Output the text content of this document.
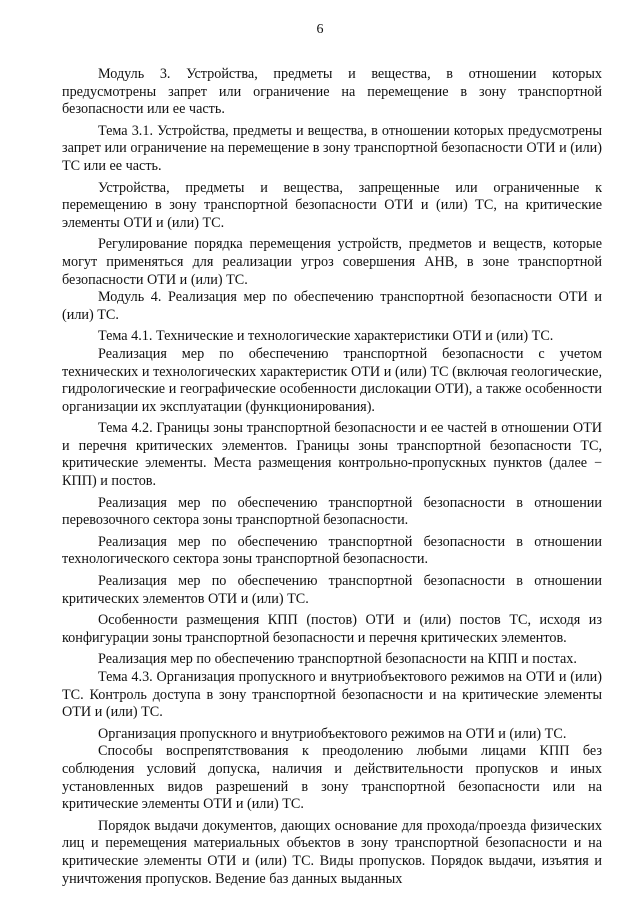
6

Модуль 3. Устройства, предметы и вещества, в отношении которых предусмотрены запрет или ограничение на перемещение в зону транспортной безопасности или ее часть.

Тема 3.1. Устройства, предметы и вещества, в отношении которых предусмотрены запрет или ограничение на перемещение в зону транспортной безопасности ОТИ и (или) ТС или ее часть.

Устройства, предметы и вещества, запрещенные или ограниченные к перемещению в зону транспортной безопасности ОТИ и (или) ТС, на критические элементы ОТИ и (или) ТС.

Регулирование порядка перемещения устройств, предметов и веществ, которые могут применяться для реализации угроз совершения АНВ, в зоне транспортной безопасности ОТИ и (или) ТС.

Модуль 4. Реализация мер по обеспечению транспортной безопасности ОТИ и (или) ТС.

Тема 4.1. Технические и технологические характеристики ОТИ и (или) ТС.

Реализация мер по обеспечению транспортной безопасности с учетом технических и технологических характеристик ОТИ и (или) ТС (включая геологические, гидрологические и географические особенности дислокации ОТИ), а также особенности организации их эксплуатации (функционирования).

Тема 4.2. Границы зоны транспортной безопасности и ее частей в отношении ОТИ и перечня критических элементов. Границы зоны транспортной безопасности ТС, критические элементы. Места размещения контрольно-пропускных пунктов (далее − КПП) и постов.

Реализация мер по обеспечению транспортной безопасности в отношении перевозочного сектора зоны транспортной безопасности.

Реализация мер по обеспечению транспортной безопасности в отношении технологического сектора зоны транспортной безопасности.

Реализация мер по обеспечению транспортной безопасности в отношении критических элементов ОТИ и (или) ТС.

Особенности размещения КПП (постов) ОТИ и (или) постов ТС, исходя из конфигурации зоны транспортной безопасности и перечня критических элементов.

Реализация мер по обеспечению транспортной безопасности на КПП и постах.

Тема 4.3. Организация пропускного и внутриобъектового режимов на ОТИ и (или) ТС. Контроль доступа в зону транспортной безопасности и на критические элементы ОТИ и (или) ТС.

Организация пропускного и внутриобъектового режимов на ОТИ и (или) ТС.

Способы воспрепятствования к преодолению любыми лицами КПП без соблюдения условий допуска, наличия и действительности пропусков и иных установленных видов разрешений в зону транспортной безопасности или на критические элементы ОТИ и (или) ТС.

Порядок выдачи документов, дающих основание для прохода/проезда физических лиц и перемещения материальных объектов в зону транспортной безопасности и на критические элементы ОТИ и (или) ТС. Виды пропусков. Порядок выдачи, изъятия и уничтожения пропусков. Ведение баз данных выданных
